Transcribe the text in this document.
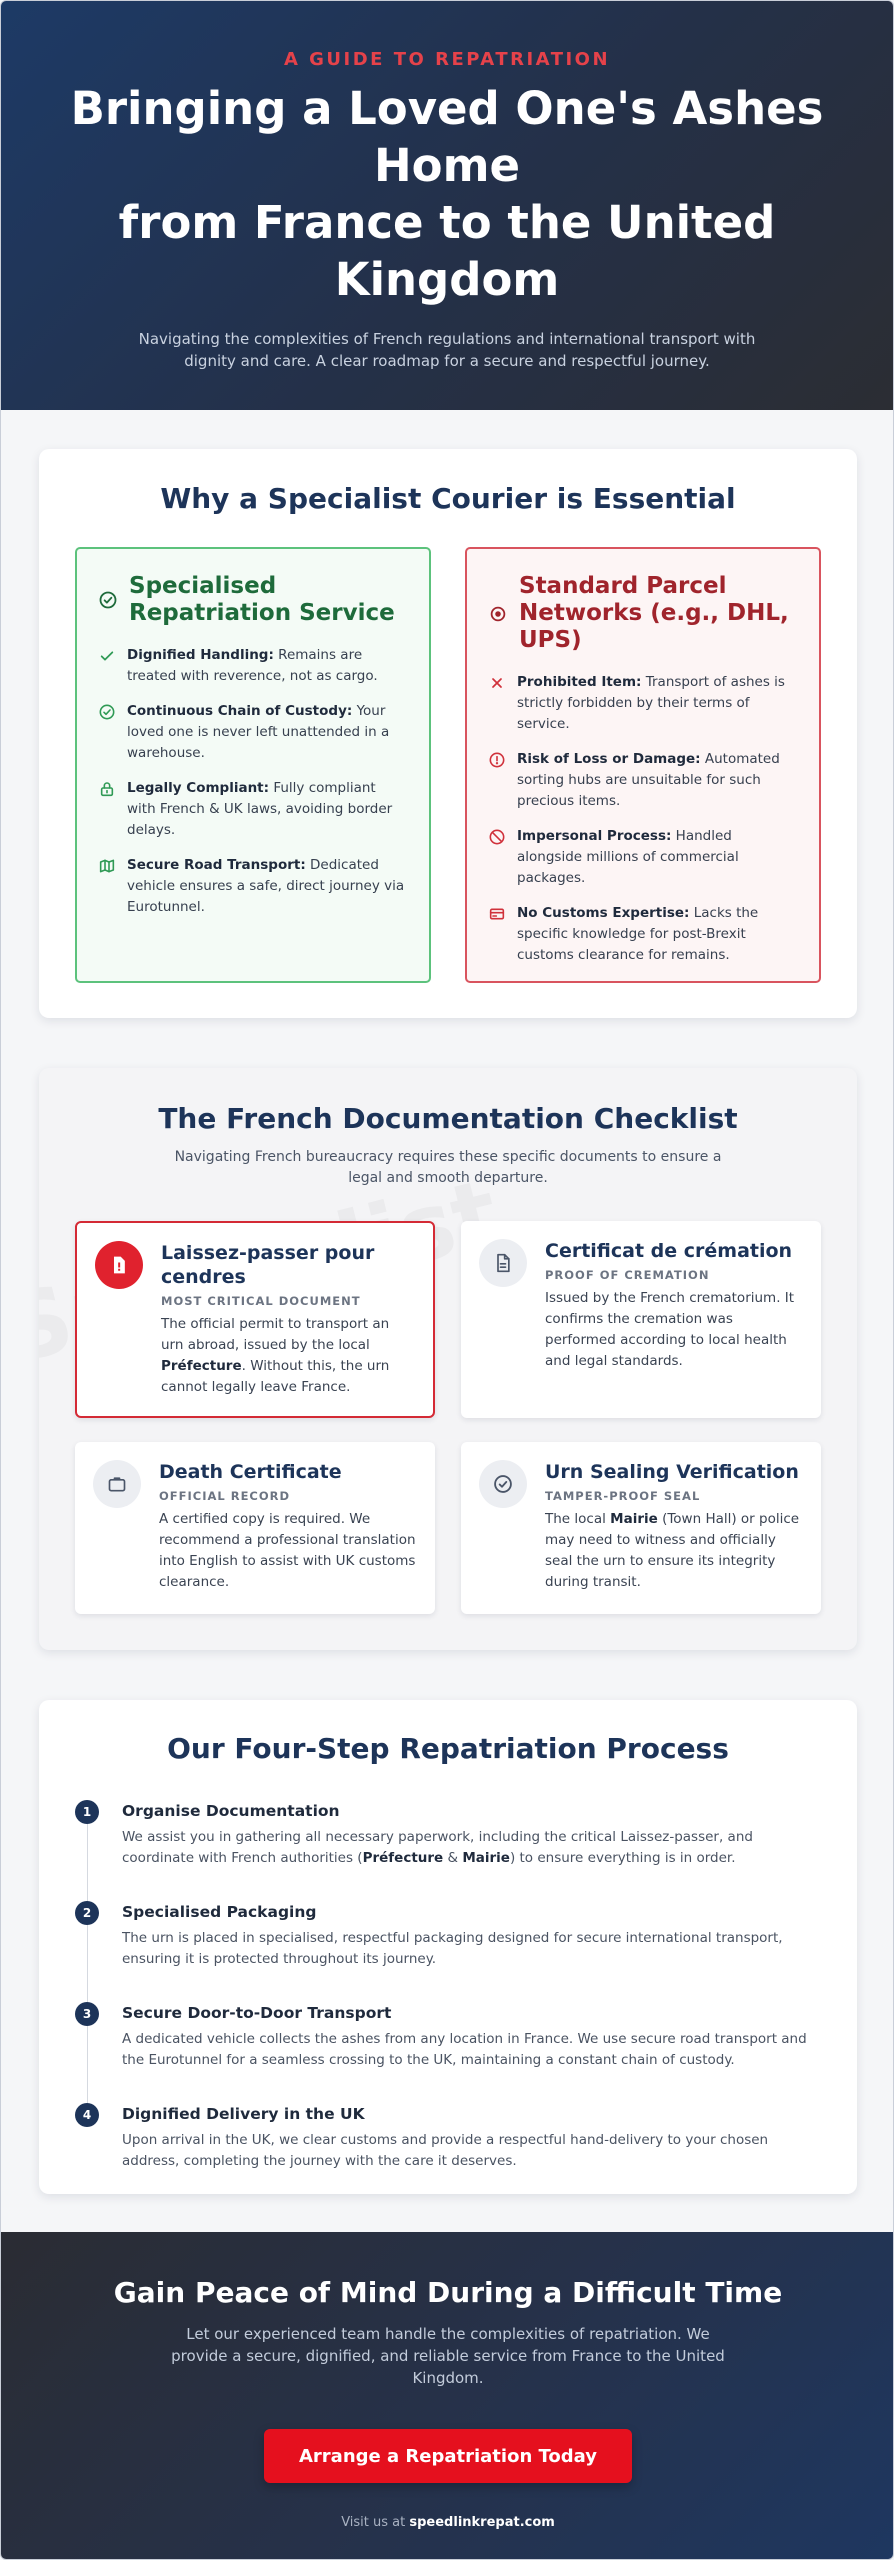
A GUIDE TO REPATRIATION
Bringing a Loved One's Ashes Home
from France to the United Kingdom

Navigating the complexities of French regulations and international transport with dignity and care. A clear roadmap for a secure and respectful journey.

Why a Specialist Courier is Essential
Specialised Repatriation Service
Dignified Handling: Remains are treated with reverence, not as cargo.
Continuous Chain of Custody: Your loved one is never left unattended in a warehouse.
Legally Compliant: Fully compliant with French & UK laws, avoiding border delays.
Secure Road Transport: Dedicated vehicle ensures a safe, direct journey via Eurotunnel.
Standard Parcel Networks (e.g., DHL, UPS)
Prohibited Item: Transport of ashes is strictly forbidden by their terms of service.
Risk of Loss or Damage: Automated sorting hubs are unsuitable for such precious items.
Impersonal Process: Handled alongside millions of commercial packages.
No Customs Expertise: Lacks the specific knowledge for post-Brexit customs clearance for remains.
The French Documentation Checklist

Navigating French bureaucracy requires these specific documents to ensure a legal and smooth departure.

Laissez-passer pour cendres
MOST CRITICAL DOCUMENT

The official permit to transport an urn abroad, issued by the local Préfecture. Without this, the urn cannot legally leave France.

Certificat de crémation
PROOF OF CREMATION

Issued by the French crematorium. It confirms the cremation was performed according to local health and legal standards.

Death Certificate
OFFICIAL RECORD

A certified copy is required. We recommend a professional translation into English to assist with UK customs clearance.

Urn Sealing Verification
TAMPER-PROOF SEAL

The local Mairie (Town Hall) or police may need to witness and officially seal the urn to ensure its integrity during transit.

Our Four-Step Repatriation Process
1	Organise Documentation

We assist you in gathering all necessary paperwork, including the critical Laissez-passer, and coordinate with French authorities (Préfecture & Mairie) to ensure everything is in order.

2	Specialised Packaging

The urn is placed in specialised, respectful packaging designed for secure international transport, ensuring it is protected throughout its journey.

3	Secure Door-to-Door Transport

A dedicated vehicle collects the ashes from any location in France. We use secure road transport and the Eurotunnel for a seamless crossing to the UK, maintaining a constant chain of custody.

4	Dignified Delivery in the UK

Upon arrival in the UK, we clear customs and provide a respectful hand-delivery to your chosen address, completing the journey with the care it deserves.

Gain Peace of Mind During a Difficult Time

Let our experienced team handle the complexities of repatriation. We provide a secure, dignified, and reliable service from France to the United Kingdom.

Arrange a Repatriation Today
Visit us at speedlinkrepat.com
